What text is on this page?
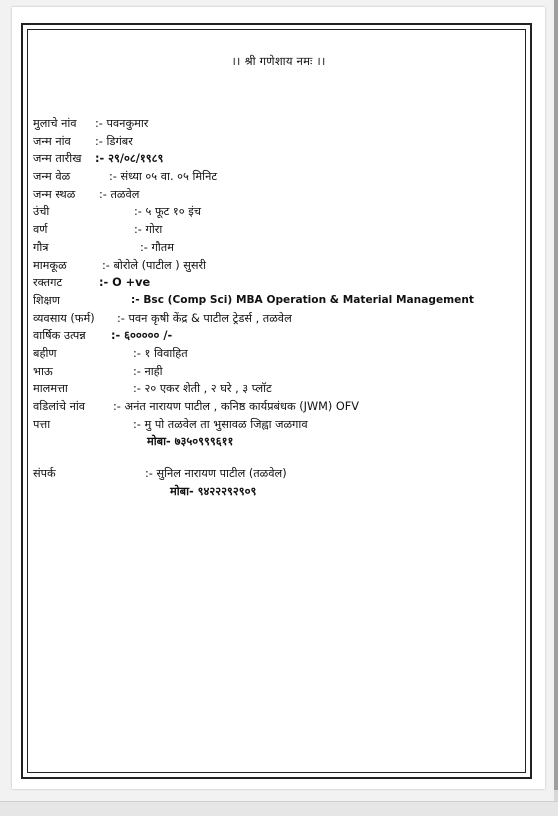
।। श्री गणेशाय नमः ।।
मुलाचे नांव :- पवनकुमार
जन्म नांव :- डिगंबर
जन्म तारीख :- २९/०८/१९८९
जन्म वेळ	:- संध्या ०५ वा. ०५ मिनिट
जन्म स्थळ :- तळवेल
उंची	:- ५ फूट १० इंच
वर्ण	:- गोरा
गौत्र	:- गौतम
मामकूळ	:- बोरोले (पाटील ) सुसरी
रक्तगट	:- O +ve
शिक्षण	:- Bsc (Comp Sci) MBA Operation & Material Management
व्यवसाय (फर्म) :- पवन कृषी केंद्र & पाटील ट्रेडर्स , तळवेल
वार्षिक उत्पन्न :- ६००००० /-
बहीण	:- १ विवाहित
भाऊ	:- नाही
मालमत्ता	:- २० एकर शेती , २ घरे , ३ प्लॉट
वडिलांचे नांव :- अनंत नारायण पाटील , कनिष्ठ कार्यप्रबंधक (JWM) OFV
पत्ता	:- मु पो तळवेल ता भुसावळ जिह्वा जळगाव
मोबा- ७३५०९९९६११
संपर्क	:- सुनिल नारायण पाटील (तळवेल)
मोबा- ९४२२२९२९०९
